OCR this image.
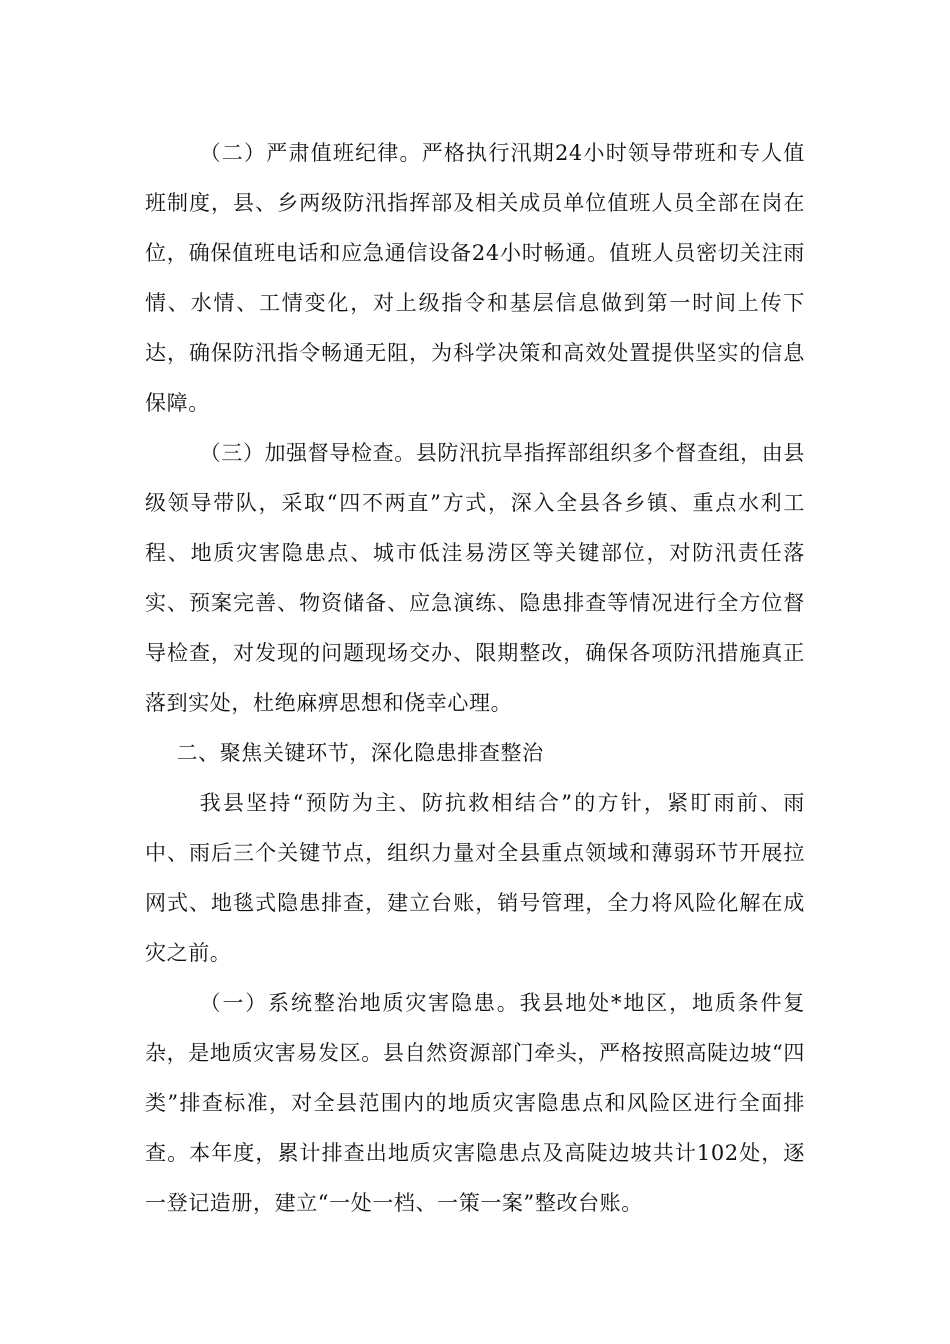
（二）严肃值班纪律。严格执行汛期24小时领导带班和专人值班制度，县、乡两级防汛指挥部及相关成员单位值班人员全部在岗在位，确保值班电话和应急通信设备24小时畅通。值班人员密切关注雨情、水情、工情变化，对上级指令和基层信息做到第一时间上传下达，确保防汛指令畅通无阻，为科学决策和高效处置提供坚实的信息保障。

（三）加强督导检查。县防汛抗旱指挥部组织多个督查组，由县级领导带队，采取“四不两直”方式，深入全县各乡镇、重点水利工程、地质灾害隐患点、城市低洼易涝区等关键部位，对防汛责任落实、预案完善、物资储备、应急演练、隐患排查等情况进行全方位督导检查，对发现的问题现场交办、限期整改，确保各项防汛措施真正落到实处，杜绝麻痹思想和侥幸心理。

二、聚焦关键环节，深化隐患排查整治

我县坚持“预防为主、防抗救相结合”的方针，紧盯雨前、雨中、雨后三个关键节点，组织力量对全县重点领域和薄弱环节开展拉网式、地毯式隐患排查，建立台账，销号管理，全力将风险化解在成灾之前。

（一）系统整治地质灾害隐患。我县地处*地区，地质条件复杂，是地质灾害易发区。县自然资源部门牵头，严格按照高陡边坡“四类”排查标准，对全县范围内的地质灾害隐患点和风险区进行全面排查。本年度，累计排查出地质灾害隐患点及高陡边坡共计102处，逐一登记造册，建立“一处一档、一策一案”整改台账。
